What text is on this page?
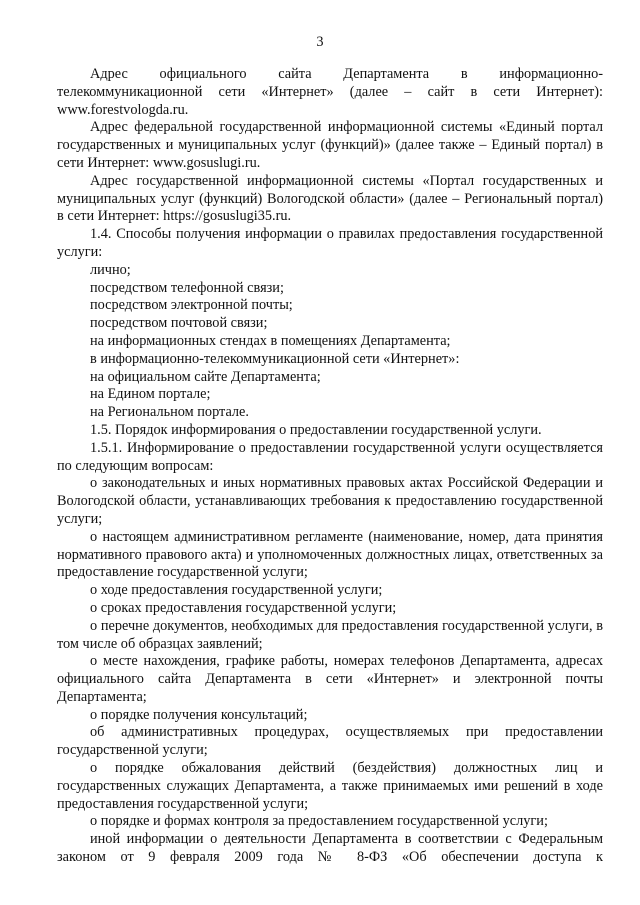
3

Адрес официального сайта Департамента в информационно-телекоммуникационной сети «Интернет» (далее – сайт в сети Интернет): www.forestvologda.ru.

Адрес федеральной государственной информационной системы «Единый портал государственных и муниципальных услуг (функций)» (далее также – Единый портал) в сети Интернет: www.gosuslugi.ru.

Адрес государственной информационной системы «Портал государственных и муниципальных услуг (функций) Вологодской области» (далее – Региональный портал) в сети Интернет: https://gosuslugi35.ru.

1.4. Способы получения информации о правилах предоставления государственной услуги:

лично;

посредством телефонной связи;

посредством электронной почты;

посредством почтовой связи;

на информационных стендах в помещениях Департамента;

в информационно-телекоммуникационной сети «Интернет»:

на официальном сайте Департамента;

на Едином портале;

на Региональном портале.

1.5. Порядок информирования о предоставлении государственной услуги.

1.5.1. Информирование о предоставлении государственной услуги осуществляется по следующим вопросам:

о законодательных и иных нормативных правовых актах Российской Федерации и Вологодской области, устанавливающих требования к предоставлению государственной услуги;

о настоящем административном регламенте (наименование, номер, дата принятия нормативного правового акта) и уполномоченных должностных лицах, ответственных за предоставление государственной услуги;

о ходе предоставления государственной услуги;

о сроках предоставления государственной услуги;

о перечне документов, необходимых для предоставления государственной услуги, в том числе об образцах заявлений;

о месте нахождения, графике работы, номерах телефонов Департамента, адресах официального сайта Департамента в сети «Интернет» и электронной почты Департамента;

о порядке получения консультаций;

об административных процедурах, осуществляемых при предоставлении государственной услуги;

о порядке обжалования действий (бездействия) должностных лиц и государственных служащих Департамента, а также принимаемых ими решений в ходе предоставления государственной услуги;

о порядке и формах контроля за предоставлением государственной услуги;

иной информации о деятельности Департамента в соответствии с Федеральным законом от 9 февраля 2009 года № 8-ФЗ «Об обеспечении доступа к
